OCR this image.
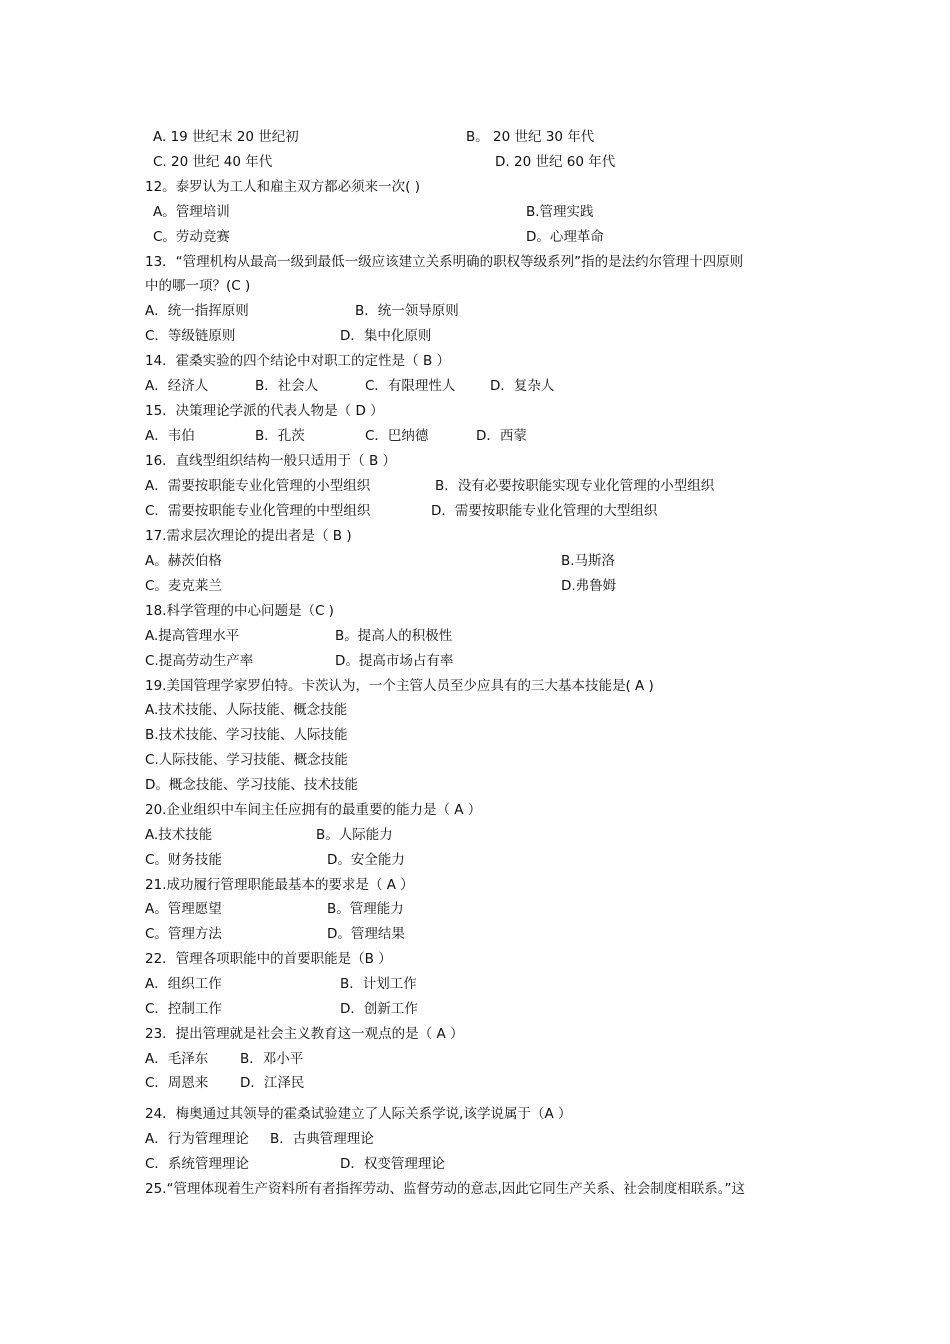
A. 19 世纪末 20 世纪初	B。 20 世纪 30 年代
C. 20 世纪 40 年代	D. 20 世纪 60 年代
12。泰罗认为工人和雇主双方都必须来一次( )
A。管理培训	B.管理实践
C。劳动竞赛	D。心理革命
13．“管理机构从最高一级到最低一级应该建立关系明确的职权等级系列”指的是法约尔管理十四原则
中的哪一项？(C )
A．统一指挥原则	B．统一领导原则
C．等级链原则	D．集中化原则
14．霍桑实验的四个结论中对职工的定性是（ B ）
A．经济人	B．社会人	C．有限理性人	D．复杂人
15．决策理论学派的代表人物是（ D ）
A．韦伯	B．孔茨	C．巴纳德	D．西蒙
16．直线型组织结构一般只适用于（ B ）
A．需要按职能专业化管理的小型组织	B．没有必要按职能实现专业化管理的小型组织
C．需要按职能专业化管理的中型组织	D．需要按职能专业化管理的大型组织
17.需求层次理论的提出者是（ B )
A。赫茨伯格	B.马斯洛
C。麦克莱兰	D.弗鲁姆
18.科学管理的中心问题是（C )
A.提高管理水平	B。提高人的积极性
C.提高劳动生产率	D。提高市场占有率
19.美国管理学家罗伯特。卡茨认为，一个主管人员至少应具有的三大基本技能是( A )
A.技术技能、人际技能、概念技能
B.技术技能、学习技能、人际技能
C.人际技能、学习技能、概念技能
D。概念技能、学习技能、技术技能
20.企业组织中车间主任应拥有的最重要的能力是（ A ）
A.技术技能	B。人际能力
C。财务技能	D。安全能力
21.成功履行管理职能最基本的要求是（ A ）
A。管理愿望	B。管理能力
C。管理方法	D。管理结果
22．管理各项职能中的首要职能是（B ）
A．组织工作	B．计划工作
C．控制工作	D．创新工作
23．提出管理就是社会主义教育这一观点的是（ A ）
A．毛泽东 B．邓小平
C．周恩来 D．江泽民
24．梅奥通过其领导的霍桑试验建立了人际关系学说,该学说属于（A ）
A．行为管理理论 B．古典管理理论
C．系统管理理论	D．权变管理理论
25.“管理体现着生产资料所有者指挥劳动、监督劳动的意志,因此它同生产关系、社会制度相联系。”这
